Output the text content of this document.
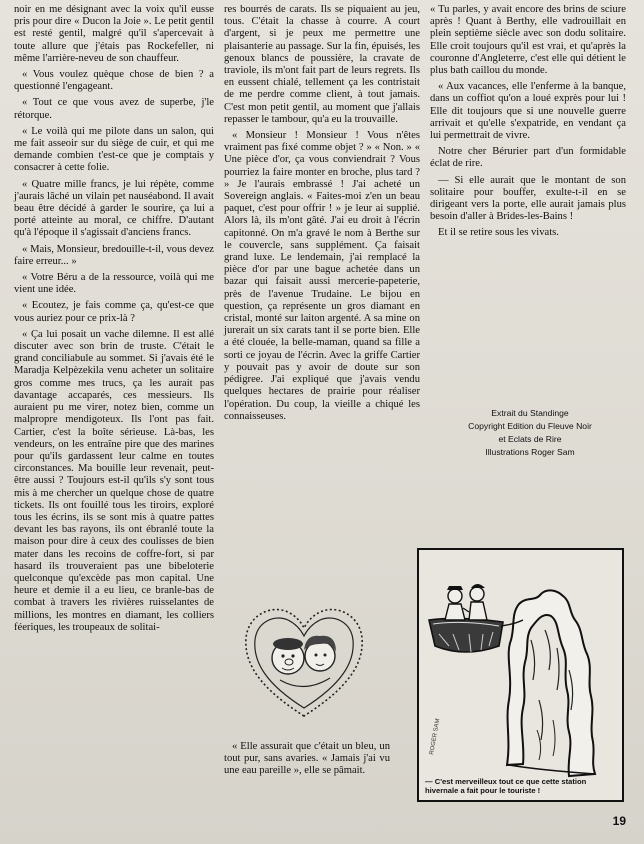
noir en me désignant avec la voix qu'il eusse pris pour dire « Ducon la Joie ». Le petit gentil est resté gentil, malgré qu'il s'apercevait à toute allure que j'étais pas Rockefeller, ni même l'arrière-neveu de son chauffeur.

« Vous voulez quèque chose de bien ? a questionné l'engageant.

« Tout ce que vous avez de superbe, j'le rétorque.

« Le voilà qui me pilote dans un salon, qui me fait asseoir sur du siège de cuir, et qui me demande combien t'est-ce que je comptais y consacrer à cette folie.

« Quatre mille francs, je lui répète, comme j'aurais lâché un vilain pet nauséabond. Il avait beau être décidé à garder le sourire, ça lui a porté atteinte au moral, ce chiffre. D'autant qu'à l'époque il s'agissait d'anciens francs.

« Mais, Monsieur, bredouille-t-il, vous devez faire erreur... »

« Votre Béru a de la ressource, voilà qui me vient une idée.

« Ecoutez, je fais comme ça, qu'est-ce que vous auriez pour ce prix-là ?

« Ça lui posait un vache dilemne. Il est allé discuter avec son brin de truste. C'était le grand conciliabule au sommet. Si j'avais été le Maradja Kelpèzekila venu acheter un solitaire gros comme mes trucs, ça les aurait pas davantage accaparés, ces messieurs. Ils auraient pu me virer, notez bien, comme un malpropre mendigoteux. Ils l'ont pas fait. Cartier, c'est la boîte sérieuse. Là-bas, les vendeurs, on les entraîne pire que des marines pour qu'ils gardassent leur calme en toutes circonstances. Ma bouille leur revenait, peut-être aussi ? Toujours est-il qu'ils s'y sont tous mis à me chercher un quelque chose de quatre tickets. Ils ont fouillé tous les tiroirs, exploré tous les écrins, ils se sont mis à quatre pattes devant les bas rayons, ils ont ébranlé toute la maison pour dire à ceux des coulisses de bien mater dans les recoins de coffre-fort, si par hasard ils trouveraient pas une bibeloterie quelconque qu'excède pas mon capital. Une heure et demie il a eu lieu, ce branle-bas de combat à travers les rivières ruisselantes de millions, les montres en diamant, les colliers féeriques, les troupeaux de solitai-

res bourrés de carats. Ils se piquaient au jeu, tous. C'était la chasse à courre. A court d'argent, si je peux me permettre une plaisanterie au passage. Sur la fin, épuisés, les genoux blancs de poussière, la cravate de traviole, ils m'ont fait part de leurs regrets. Ils en eussent chialé, tellement ça les contristait de me perdre comme client, à tout jamais. C'est mon petit gentil, au moment que j'allais repasser le tambour, qu'a eu la trouvaille.

« Monsieur ! Monsieur ! Vous n'êtes vraiment pas fixé comme objet ? » « Non. » « Une pièce d'or, ça vous conviendrait ? Vous pourriez la faire monter en broche, plus tard ? » Je l'aurais embrassé ! J'ai acheté un Sovereign anglais. « Faites-moi z'en un beau paquet, c'est pour offrir ! » je leur ai supplié. Alors là, ils m'ont gâté. J'ai eu droit à l'écrin capitonné. On m'a gravé le nom à Berthe sur le couvercle, sans supplément. Ça faisait grand luxe. Le lendemain, j'ai remplacé la pièce d'or par une bague achetée dans un bazar qui faisait aussi mercerie-papeterie, près de l'avenue Trudaine. Le bijou en question, ça représente un gros diamant en cristal, monté sur laiton argenté. A sa mine on jurerait un six carats tant il se porte bien. Elle a été clouée, la belle-maman, quand sa fille a sorti ce joyau de l'écrin. Avec la griffe Cartier y pouvait pas y avoir de doute sur son pédigree. J'ai expliqué que j'avais vendu quelques hectares de prairie pour réaliser l'opération. Du coup, la vieille a chiqué les connaisseuses.

« Elle assurait que c'était un bleu, un tout pur, sans avaries. « Jamais j'ai vu une eau pareille », elle se pâmait.

« Tu parles, y avait encore des brins de sciure après ! Quant à Berthy, elle vadrouillait en plein septième siècle avec son dodu solitaire. Elle croit toujours qu'il est vrai, et qu'après la couronne d'Angleterre, c'est elle qui détient le plus bath caillou du monde.

« Aux vacances, elle l'enferme à la banque, dans un coffiot qu'on a loué exprès pour lui ! Elle dit toujours que si une nouvelle guerre arrivait et qu'elle s'expatride, en vendant ça lui permettrait de vivre.

Notre cher Bérurier part d'un formidable éclat de rire.

— Si elle aurait que le montant de son solitaire pour bouffer, exulte-t-il en se dirigeant vers la porte, elle aurait jamais plus besoin d'aller à Brides-les-Bains !

Et il se retire sous les vivats.

Extrait du Standinge
Copyright Edition du Fleuve Noir
et Eclats de Rire
Illustrations Roger Sam
ROGER SAM
— C'est merveilleux tout ce que cette station hivernale a fait pour le touriste !
19
